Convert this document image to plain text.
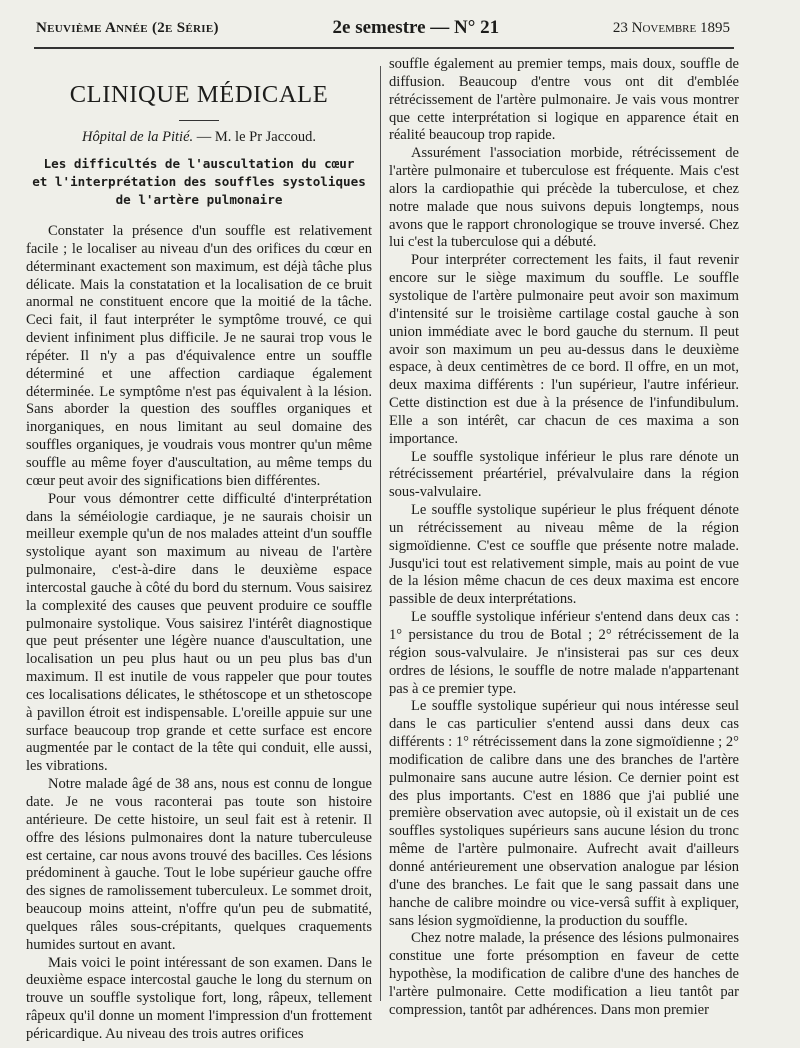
Neuvième Année (2e Série)	2e semestre — N° 21	23 Novembre 1895
CLINIQUE MÉDICALE
Hôpital de la Pitié. — M. le Pr Jaccoud.
Les difficultés de l'auscultation du cœur
et l'interprétation des souffles systoliques
de l'artère pulmonaire

Constater la présence d'un souffle est relativement facile ; le localiser au niveau d'un des orifices du cœur en déterminant exactement son maximum, est déjà tâche plus délicate. Mais la constatation et la localisation de ce bruit anormal ne constituent encore que la moitié de la tâche. Ceci fait, il faut interpréter le symptôme trouvé, ce qui devient infiniment plus difficile. Je ne saurai trop vous le répéter. Il n'y a pas d'équivalence entre un souffle déterminé et une affection cardiaque également déterminée. Le symptôme n'est pas équivalent à la lésion. Sans aborder la question des souffles organiques et inorganiques, en nous limitant au seul domaine des souffles organiques, je voudrais vous montrer qu'un même souffle au même foyer d'auscultation, au même temps du cœur peut avoir des significations bien différentes.

Pour vous démontrer cette difficulté d'interprétation dans la séméiologie cardiaque, je ne saurais choisir un meilleur exemple qu'un de nos malades atteint d'un souffle systolique ayant son maximum au niveau de l'artère pulmonaire, c'est-à-dire dans le deuxième espace intercostal gauche à côté du bord du sternum. Vous saisirez la complexité des causes que peuvent produire ce souffle pulmonaire systolique. Vous saisirez l'intérêt diagnostique que peut présenter une légère nuance d'auscultation, une localisation un peu plus haut ou un peu plus bas d'un maximum. Il est inutile de vous rappeler que pour toutes ces localisations délicates, le sthétoscope et un sthetoscope à pavillon étroit est indispensable. L'oreille appuie sur une surface beaucoup trop grande et cette surface est encore augmentée par le contact de la tête qui conduit, elle aussi, les vibrations.

Notre malade âgé de 38 ans, nous est connu de longue date. Je ne vous raconterai pas toute son histoire antérieure. De cette histoire, un seul fait est à retenir. Il offre des lésions pulmonaires dont la nature tuberculeuse est certaine, car nous avons trouvé des bacilles. Ces lésions prédominent à gauche. Tout le lobe supérieur gauche offre des signes de ramolissement tuberculeux. Le sommet droit, beaucoup moins atteint, n'offre qu'un peu de submatité, quelques râles sous-crépitants, quelques craquements humides surtout en avant.

Mais voici le point intéressant de son examen. Dans le deuxième espace intercostal gauche le long du sternum on trouve un souffle systolique fort, long, râpeux, tellement râpeux qu'il donne un moment l'impression d'un frottement péricardique. Au niveau des trois autres orifices

souffle également au premier temps, mais doux, souffle de diffusion. Beaucoup d'entre vous ont dit d'emblée rétrécissement de l'artère pulmonaire. Je vais vous montrer que cette interprétation si logique en apparence était en réalité beaucoup trop rapide.

Assurément l'association morbide, rétrécissement de l'artère pulmonaire et tuberculose est fréquente. Mais c'est alors la cardiopathie qui précède la tuberculose, et chez notre malade que nous suivons depuis longtemps, nous avons que le rapport chronologique se trouve inversé. Chez lui c'est la tuberculose qui a débuté.

Pour interpréter correctement les faits, il faut revenir encore sur le siège maximum du souffle. Le souffle systolique de l'artère pulmonaire peut avoir son maximum d'intensité sur le troisième cartilage costal gauche à son union immédiate avec le bord gauche du sternum. Il peut avoir son maximum un peu au-dessus dans le deuxième espace, à deux centimètres de ce bord. Il offre, en un mot, deux maxima différents : l'un supérieur, l'autre inférieur. Cette distinction est due à la présence de l'infundibulum. Elle a son intérêt, car chacun de ces maxima a son importance.

Le souffle systolique inférieur le plus rare dénote un rétrécissement préartériel, prévalvulaire dans la région sous-valvulaire.

Le souffle systolique supérieur le plus fréquent dénote un rétrécissement au niveau même de la région sigmoïdienne. C'est ce souffle que présente notre malade. Jusqu'ici tout est relativement simple, mais au point de vue de la lésion même chacun de ces deux maxima est encore passible de deux interprétations.

Le souffle systolique inférieur s'entend dans deux cas : 1° persistance du trou de Botal ; 2° rétrécissement de la région sous-valvulaire. Je n'insisterai pas sur ces deux ordres de lésions, le souffle de notre malade n'appartenant pas à ce premier type.

Le souffle systolique supérieur qui nous intéresse seul dans le cas particulier s'entend aussi dans deux cas différents : 1° rétrécissement dans la zone sigmoïdienne ; 2° modification de calibre dans une des branches de l'artère pulmonaire sans aucune autre lésion. Ce dernier point est des plus importants. C'est en 1886 que j'ai publié une première observation avec autopsie, où il existait un de ces souffles systoliques supérieurs sans aucune lésion du tronc même de l'artère pulmonaire. Aufrecht avait d'ailleurs donné antérieurement une observation analogue par lésion d'une des branches. Le fait que le sang passait dans une hanche de calibre moindre ou vice-versâ suffit à expliquer, sans lésion sygmoïdienne, la production du souffle.

Chez notre malade, la présence des lésions pulmonaires constitue une forte présomption en faveur de cette hypothèse, la modification de calibre d'une des hanches de l'artère pulmonaire. Cette modification a lieu tantôt par compression, tantôt par adhérences. Dans mon premier
